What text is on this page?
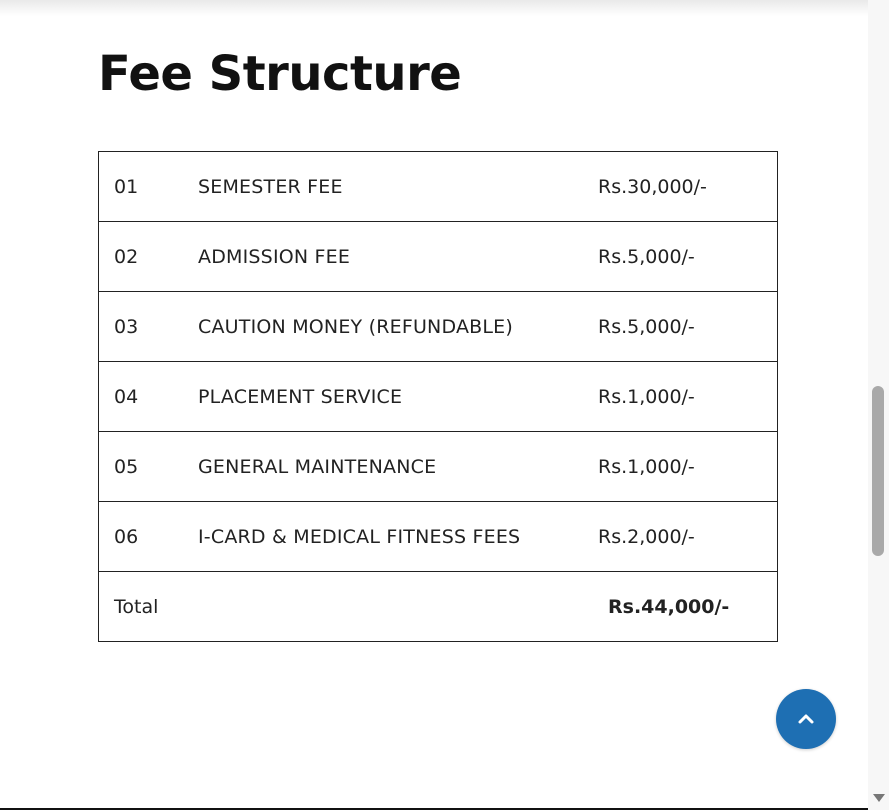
Fee Structure
01	SEMESTER FEE	Rs.30,000/-
02	ADMISSION FEE	Rs.5,000/-
03	CAUTION MONEY (REFUNDABLE)	Rs.5,000/-
04	PLACEMENT SERVICE	Rs.1,000/-
05	GENERAL MAINTENANCE	Rs.1,000/-
06	I-CARD & MEDICAL FITNESS FEES	Rs.2,000/-
Total		Rs.44,000/-
